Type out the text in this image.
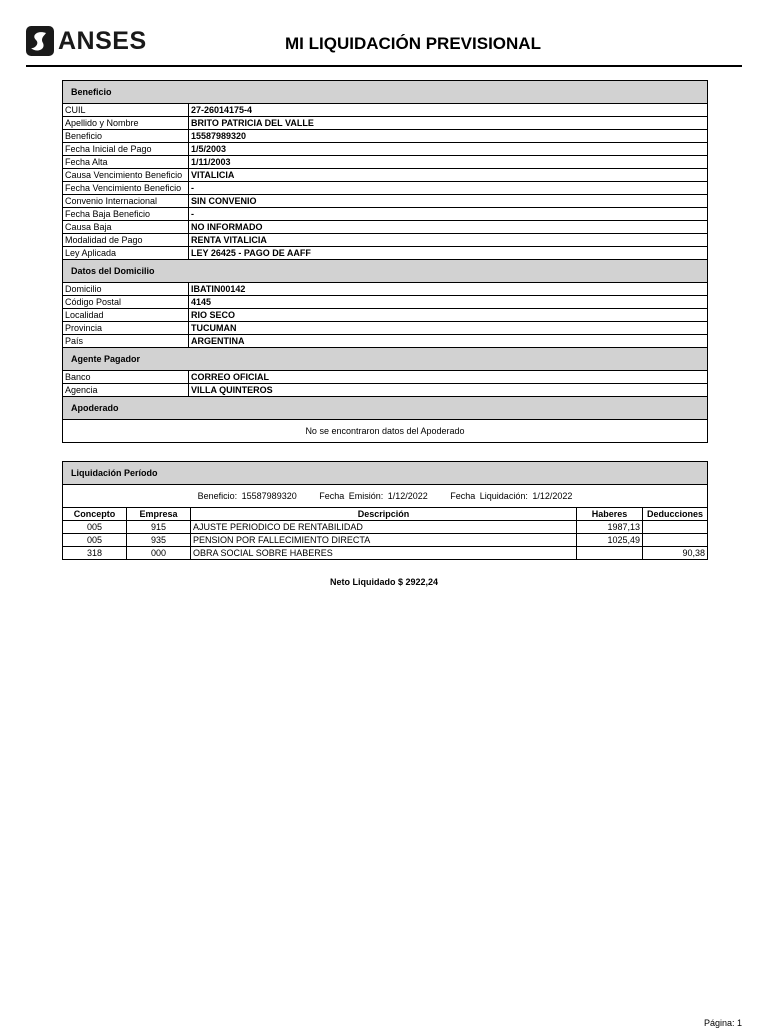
ANSES	MI LIQUIDACIÓN PREVISIONAL
Beneficio	
CUIL	27-26014175-4
Apellido y Nombre	BRITO PATRICIA DEL VALLE
Beneficio	15587989320
Fecha Inicial de Pago	1/5/2003
Fecha Alta	1/11/2003
Causa Vencimiento Beneficio	VITALICIA
Fecha Vencimiento Beneficio	-
Convenio Internacional	SIN CONVENIO
Fecha Baja Beneficio	-
Causa Baja	NO INFORMADO
Modalidad de Pago	RENTA VITALICIA
Ley Aplicada	LEY 26425 - PAGO DE AAFF
Datos del Domicilio	
Domicilio	IBATIN00142
Código Postal	4145
Localidad	RIO SECO
Provincia	TUCUMAN
País	ARGENTINA
Agente Pagador	
Banco	CORREO OFICIAL
Agencia	VILLA QUINTEROS
Apoderado	
No se encontraron datos del Apoderado	
Liquidación Período				
Beneficio: 15587989320     Fecha Emisión: 1/12/2022     Fecha Liquidación: 1/12/2022				
Concepto	Empresa	Descripción	Haberes	Deducciones
005	915	AJUSTE PERIODICO DE RENTABILIDAD	1987,13	
005	935	PENSION POR FALLECIMIENTO DIRECTA	1025,49	
318	000	OBRA SOCIAL SOBRE HABERES		90,38
Neto Liquidado $ 2922,24
Página: 1
